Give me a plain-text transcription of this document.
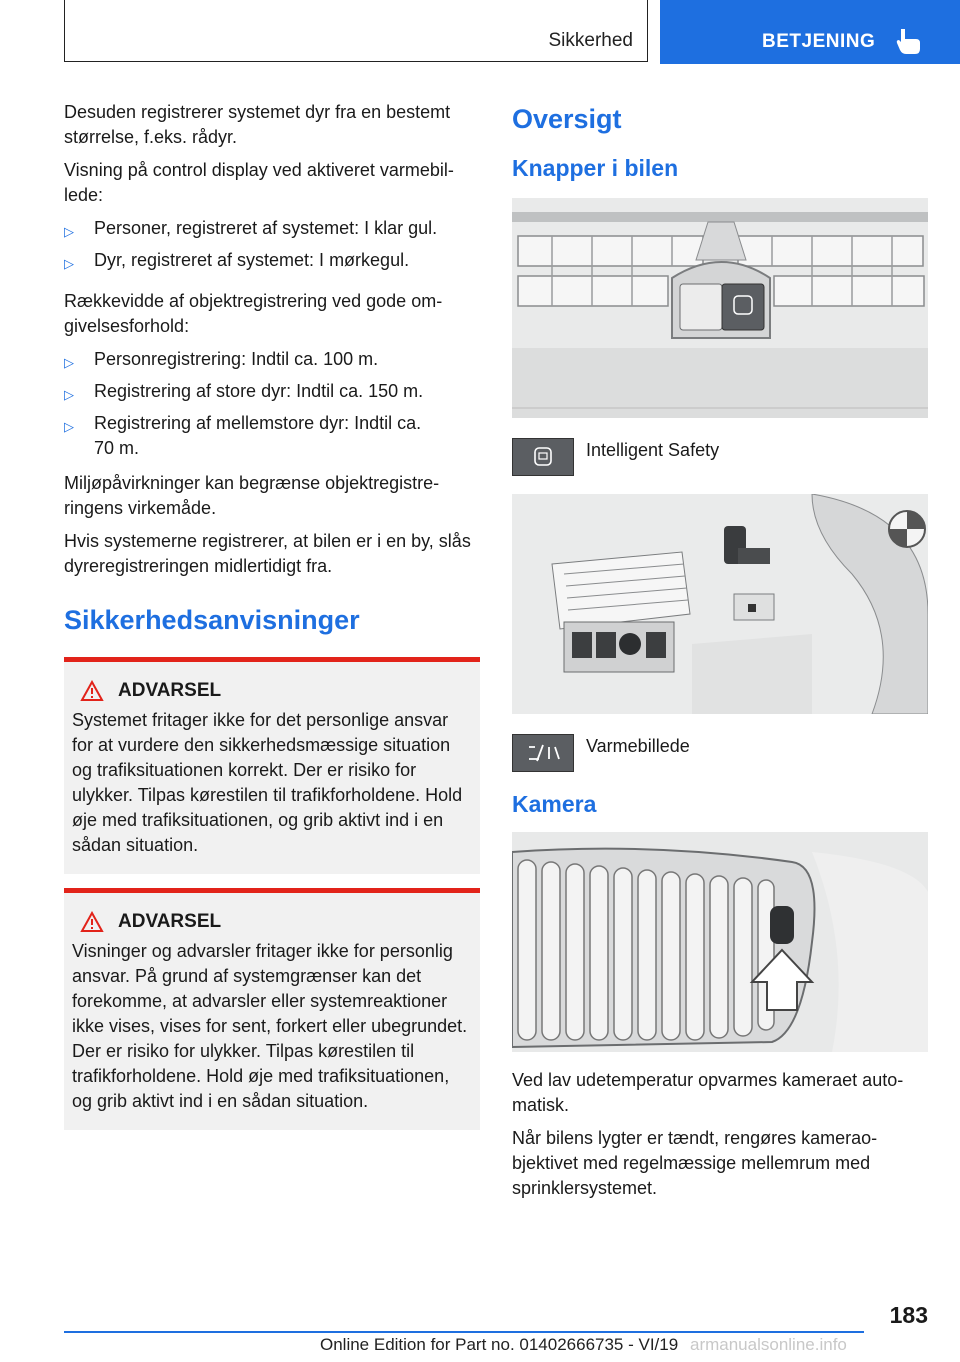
Sikkerhed	BETJENING

Desuden registrerer systemet dyr fra en bestemt størrelse, f.eks. rådyr.

Visning på control display ved aktiveret varmebillede:

▷ Personer, registreret af systemet: I klar gul.
▷ Dyr, registreret af systemet: I mørkegul.

Rækkevidde af objektregistrering ved gode omgivelsesforhold:

▷ Personregistrering: Indtil ca. 100 m.
▷ Registrering af store dyr: Indtil ca. 150 m.
▷ Registrering af mellemstore dyr: Indtil ca. 70 m.

Miljøpåvirkninger kan begrænse objektregistreringens virkemåde.

Hvis systemerne registrerer, at bilen er i en by, slås dyreregistreringen midlertidigt fra.

Sikkerhedsanvisninger
ADVARSEL

Systemet fritager ikke for det personlige ansvar for at vurdere den sikkerhedsmæssige situation og trafiksituationen korrekt. Der er risiko for ulykker. Tilpas kørestilen til trafikforholdene. Hold øje med trafiksituationen, og grib aktivt ind i en sådan situation.

ADVARSEL

Visninger og advarsler fritager ikke for personlig ansvar. På grund af systemgrænser kan det forekomme, at advarsler eller systemreaktioner ikke vises, vises for sent, forkert eller ubegrundet. Der er risiko for ulykker. Tilpas kørestilen til trafikforholdene. Hold øje med trafiksituationen, og grib aktivt ind i en sådan situation.

Oversigt
Knapper i bilen
Intelligent Safety
Varmebillede
Kamera

Ved lav udetemperatur opvarmes kameraet automatisk.

Når bilens lygter er tændt, rengøres kameraobjektivet med regelmæssige mellemrum med sprinklersystemet.

183
Online Edition for Part no. 01402666735 - VI/19 armanualsonline.info
